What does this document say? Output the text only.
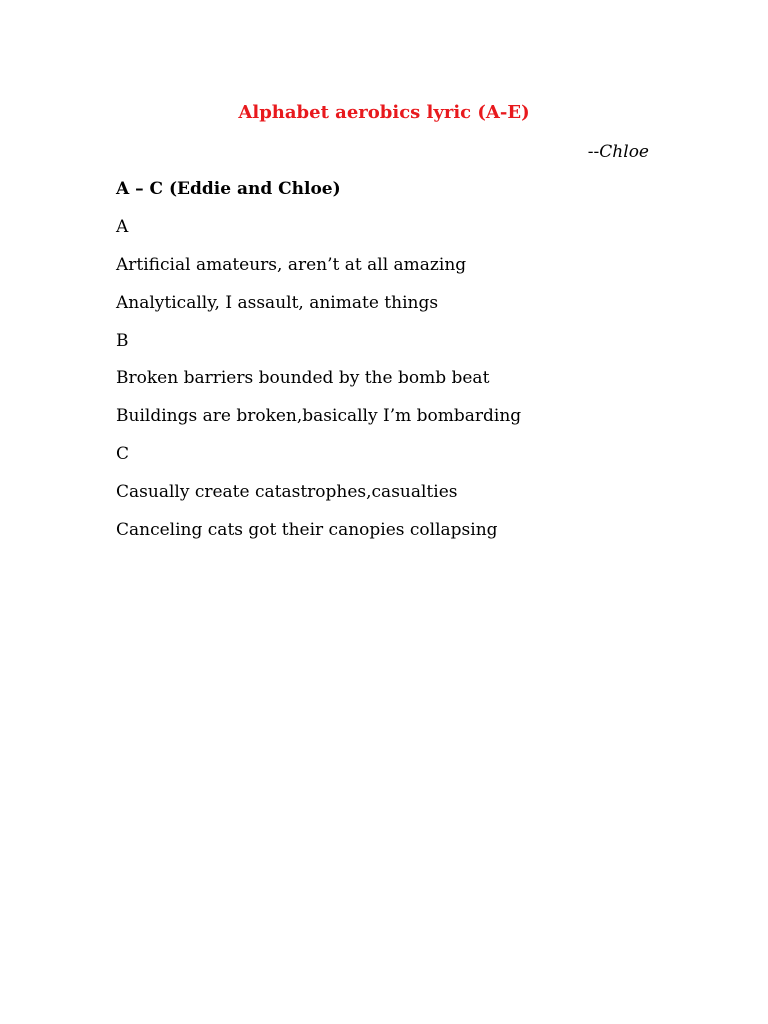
Alphabet aerobics lyric (A-E)
--Chloe
A – C (Eddie and Chloe)
A
Artificial amateurs, aren’t at all amazing
Analytically, I assault, animate things
B
Broken barriers bounded by the bomb beat
Buildings are broken,basically I’m bombarding
C
Casually create catastrophes,casualties
Canceling cats got their canopies collapsing
